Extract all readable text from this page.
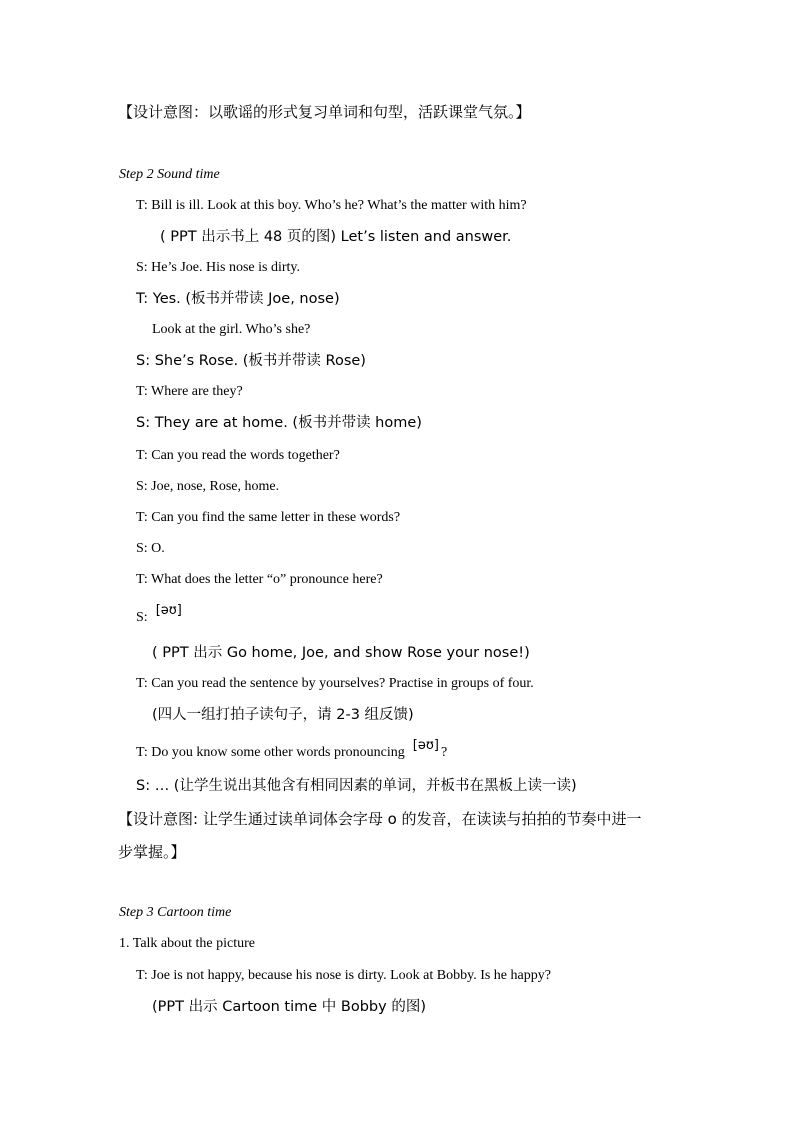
【设计意图：以歌谣的形式复习单词和句型，活跃课堂气氛。】
Step 2 Sound time
T: Bill is ill. Look at this boy. Who’s he? What’s the matter with him?
( PPT 出示书上 48 页的图) Let’s listen and answer.
S: He’s Joe. His nose is dirty.
T: Yes. (板书并带读 Joe, nose)
Look at the girl. Who’s she?
S: She’s Rose. (板书并带读 Rose)
T: Where are they?
S: They are at home. (板书并带读 home)
T: Can you read the words together?
S: Joe, nose, Rose, home.
T: Can you find the same letter in these words?
S: O.
T: What does the letter “o” pronounce here?
S: [əʊ]
( PPT 出示 Go home, Joe, and show Rose your nose!)
T: Can you read the sentence by yourselves? Practise in groups of four.
(四人一组打拍子读句子，请 2-3 组反馈)
T: Do you know some other words pronouncing [əʊ] ?
S: … (让学生说出其他含有相同因素的单词，并板书在黑板上读一读)
【设计意图: 让学生通过读单词体会字母 o 的发音，在读读与拍拍的节奏中进一
步掌握。】
Step 3 Cartoon time
1. Talk about the picture
T: Joe is not happy, because his nose is dirty. Look at Bobby. Is he happy?
(PPT 出示 Cartoon time 中 Bobby 的图)
